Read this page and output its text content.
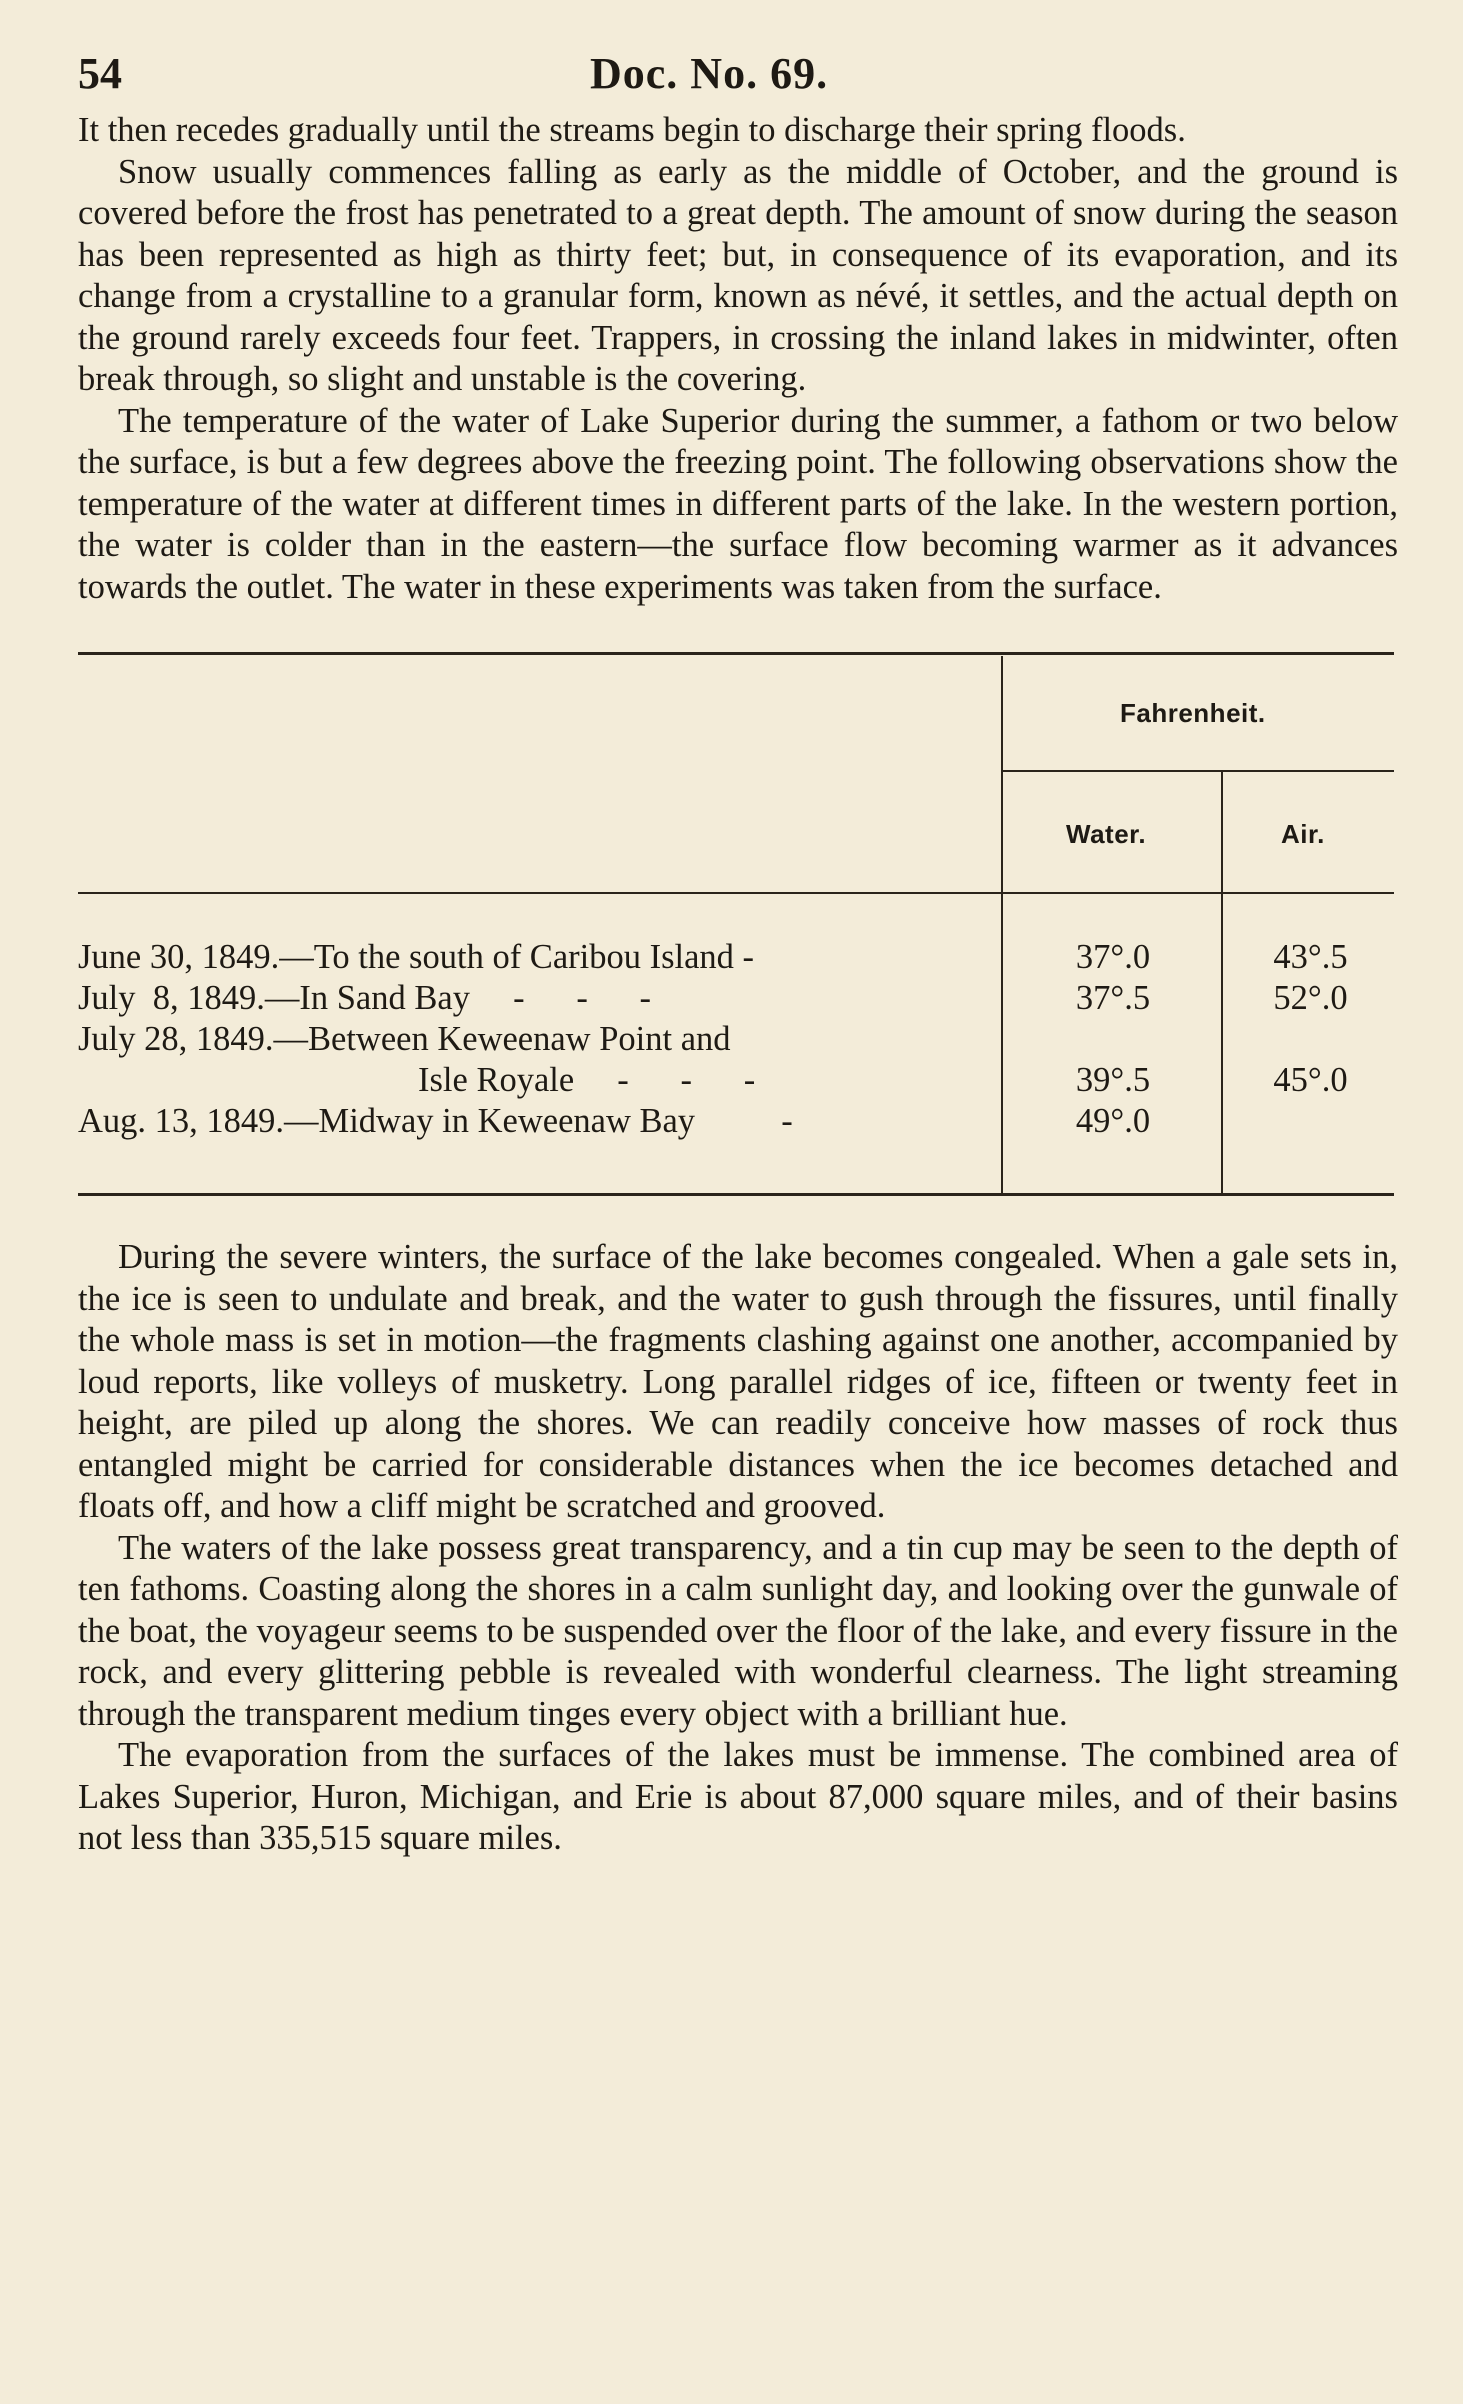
54	Doc. No. 69.

It then recedes gradually until the streams begin to discharge their spring floods.

Snow usually commences falling as early as the middle of October, and the ground is covered before the frost has penetrated to a great depth. The amount of snow during the season has been represented as high as thirty feet; but, in consequence of its evaporation, and its change from a crystalline to a granular form, known as névé, it settles, and the actual depth on the ground rarely exceeds four feet. Trappers, in crossing the inland lakes in midwinter, often break through, so slight and unstable is the covering.

The temperature of the water of Lake Superior during the summer, a fathom or two below the surface, is but a few degrees above the freezing point. The following observations show the temperature of the water at different times in different parts of the lake. In the western portion, the water is colder than in the eastern—the surface flow becoming warmer as it advances towards the outlet. The water in these experiments was taken from the surface.

Fahrenheit.
Water.	Air.
June 30, 1849.—To the south of Caribou Island -	37°.0	43°.5
July  8, 1849.—In Sand Bay     -      -      -	37°.5	52°.0
July 28, 1849.—Between Keweenaw Point and
Isle Royale     -      -      -	39°.5	45°.0
Aug. 13, 1849.—Midway in Keweenaw Bay          -	49°.0

During the severe winters, the surface of the lake becomes congealed. When a gale sets in, the ice is seen to undulate and break, and the water to gush through the fissures, until finally the whole mass is set in motion—the fragments clashing against one another, accompanied by loud reports, like volleys of musketry. Long parallel ridges of ice, fifteen or twenty feet in height, are piled up along the shores. We can readily conceive how masses of rock thus entangled might be carried for considerable distances when the ice becomes detached and floats off, and how a cliff might be scratched and grooved.

The waters of the lake possess great transparency, and a tin cup may be seen to the depth of ten fathoms. Coasting along the shores in a calm sunlight day, and looking over the gunwale of the boat, the voyageur seems to be suspended over the floor of the lake, and every fissure in the rock, and every glittering pebble is revealed with wonderful clearness. The light streaming through the transparent medium tinges every object with a brilliant hue.

The evaporation from the surfaces of the lakes must be immense. The combined area of Lakes Superior, Huron, Michigan, and Erie is about 87,000 square miles, and of their basins not less than 335,515 square miles.
